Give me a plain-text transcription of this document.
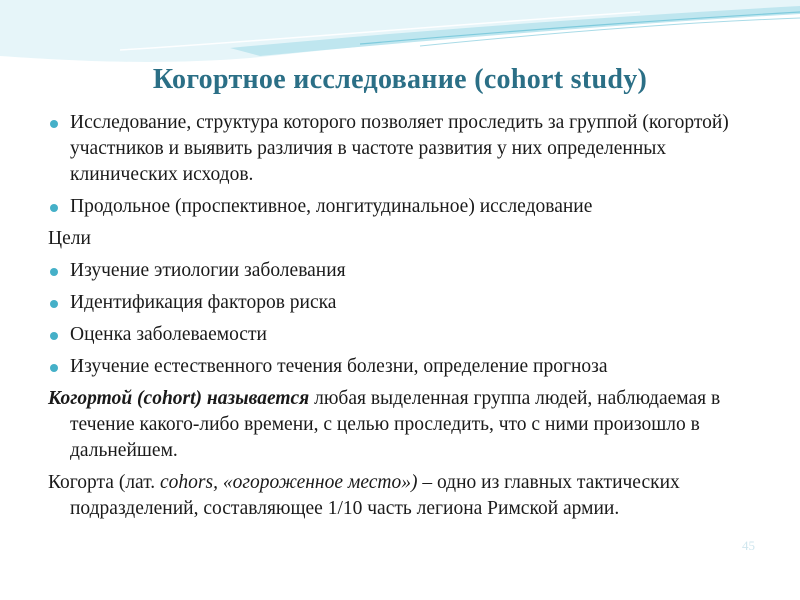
Когортное исследование (cohort study)
Исследование, структура которого позволяет проследить за группой (когортой) участников и выявить различия в частоте развития у них определенных клинических исходов.
Продольное (проспективное, лонгитудинальное) исследование
Цели
Изучение этиологии заболевания
Идентификация факторов риска
Оценка заболеваемости
Изучение естественного течения болезни, определение прогноза
Когортой (cohort) называется любая выделенная группа людей, наблюдаемая в течение какого-либо времени, с целью проследить, что с ними произошло в дальнейшем.
Когорта (лат. cohors, «огороженное место») – одно из главных тактических подразделений, составляющее 1/10 часть легиона Римской армии.
45
